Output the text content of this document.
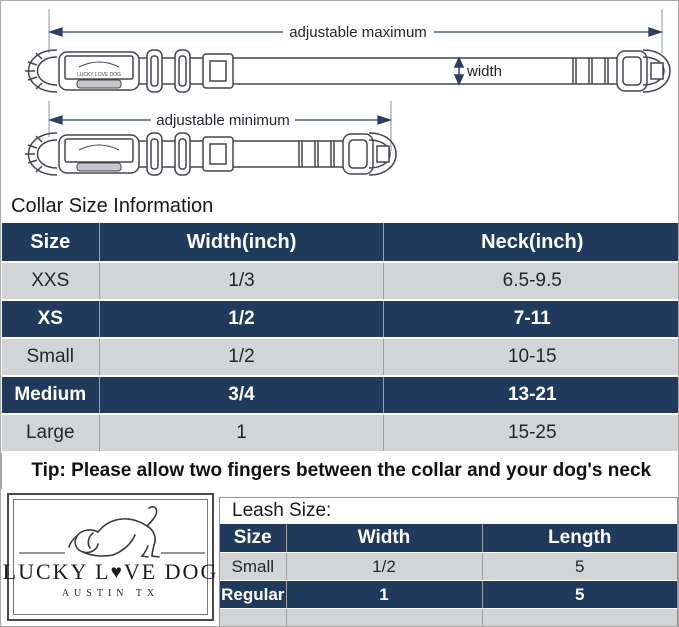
adjustable maximum
LUCKY LOVE DOG	width
adjustable minimum
Collar Size Information
Size	Width(inch)	Neck(inch)
XXS	1/3	6.5-9.5
XS	1/2	7-11
Small	1/2	10-15
Medium	3/4	13-21
Large	1	15-25
Tip: Please allow two fingers between the collar and your dog's neck		
LUCKY L♥VE DOG
AUSTIN TX
Leash Size:
Size	Width	Length
Small	1/2	5
Regular	1	5
